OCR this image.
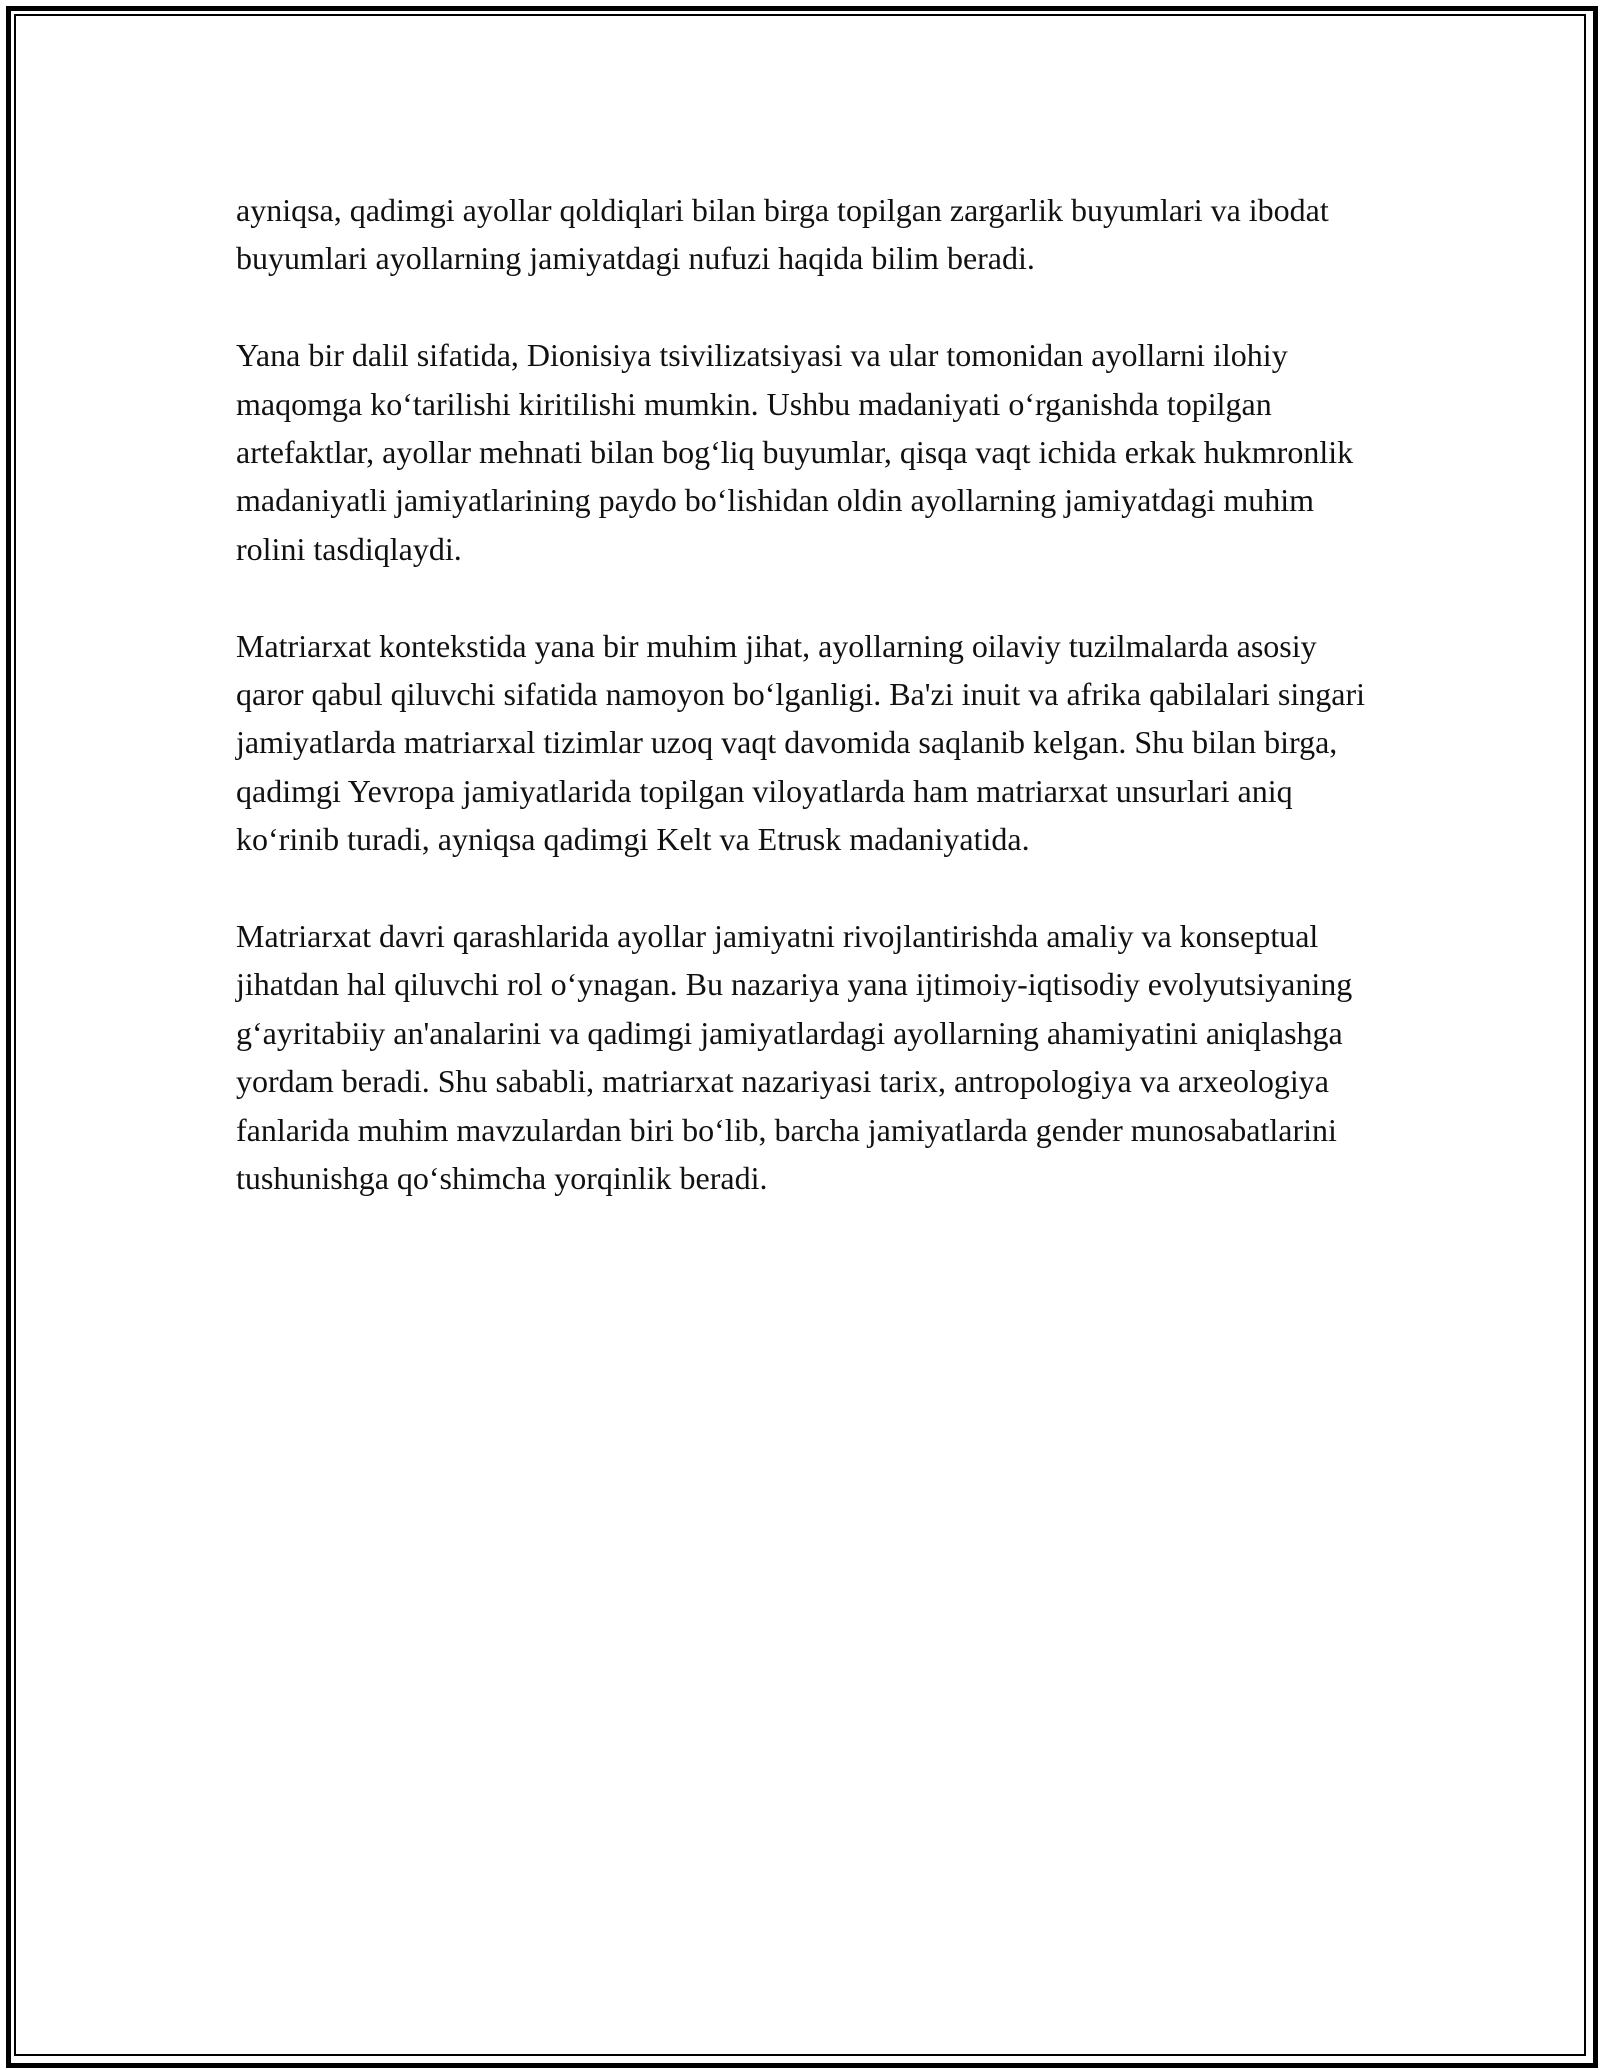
ayniqsa, qadimgi ayollar qoldiqlari bilan birga topilgan zargarlik buyumlari va ibodat buyumlari ayollarning jamiyatdagi nufuzi haqida bilim beradi.

Yana bir dalil sifatida, Dionisiya tsivilizatsiyasi va ular tomonidan ayollarni ilohiy maqomga ko‘tarilishi kiritilishi mumkin. Ushbu madaniyati o‘rganishda topilgan artefaktlar, ayollar mehnati bilan bog‘liq buyumlar, qisqa vaqt ichida erkak hukmronlik madaniyatli jamiyatlarining paydo bo‘lishidan oldin ayollarning jamiyatdagi muhim rolini tasdiqlaydi.

Matriarxat kontekstida yana bir muhim jihat, ayollarning oilaviy tuzilmalarda asosiy qaror qabul qiluvchi sifatida namoyon bo‘lganligi. Ba'zi inuit va afrika qabilalari singari jamiyatlarda matriarxal tizimlar uzoq vaqt davomida saqlanib kelgan. Shu bilan birga, qadimgi Yevropa jamiyatlarida topilgan viloyatlarda ham matriarxat unsurlari aniq ko‘rinib turadi, ayniqsa qadimgi Kelt va Etrusk madaniyatida.

Matriarxat davri qarashlarida ayollar jamiyatni rivojlantirishda amaliy va konseptual jihatdan hal qiluvchi rol o‘ynagan. Bu nazariya yana ijtimoiy-iqtisodiy evolyutsiyaning g‘ayritabiiy an'analarini va qadimgi jamiyatlardagi ayollarning ahamiyatini aniqlashga yordam beradi. Shu sababli, matriarxat nazariyasi tarix, antropologiya va arxeologiya fanlarida muhim mavzulardan biri bo‘lib, barcha jamiyatlarda gender munosabatlarini tushunishga qo‘shimcha yorqinlik beradi.
